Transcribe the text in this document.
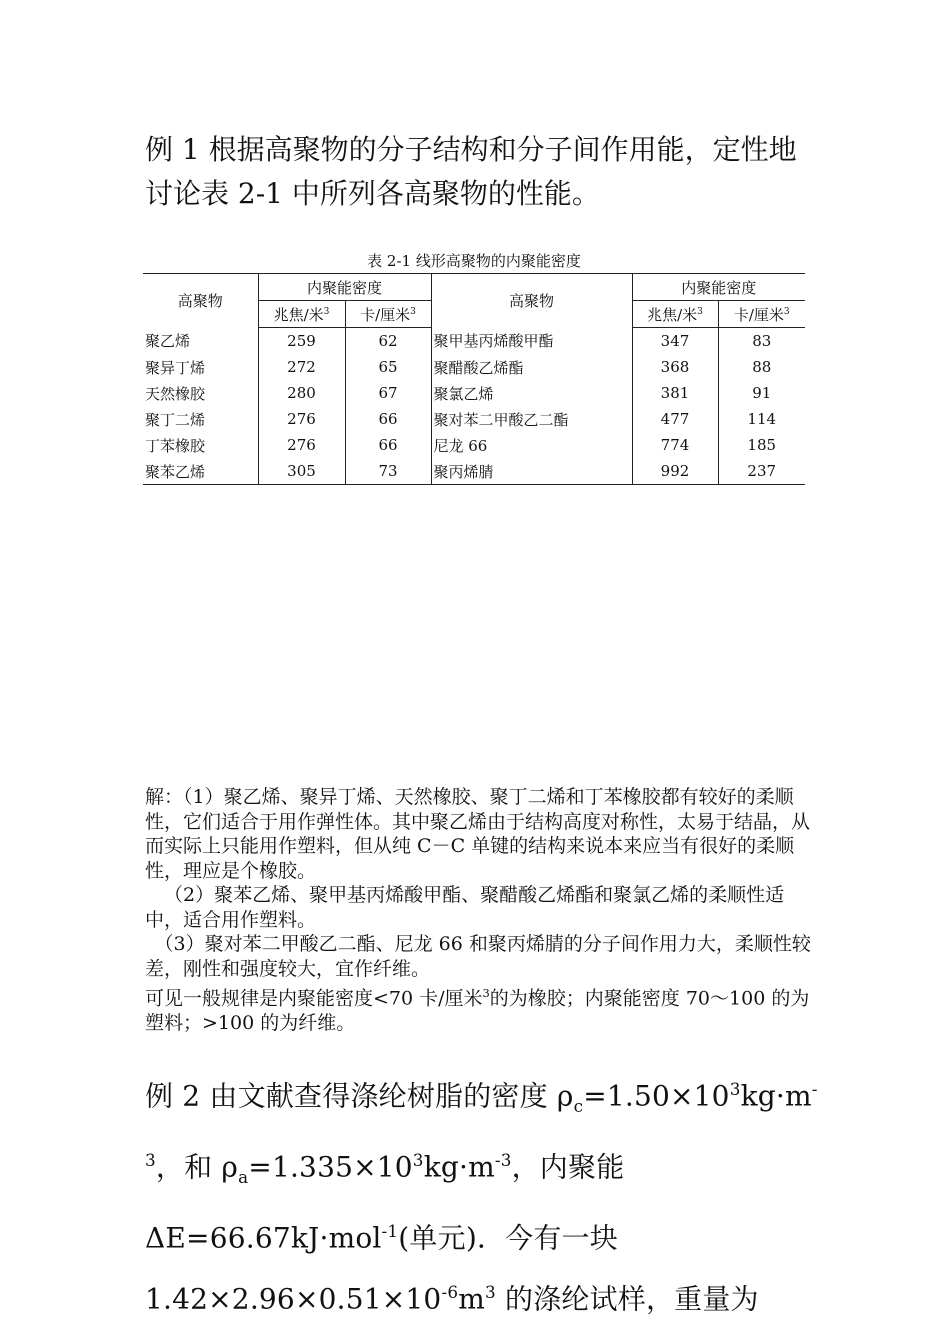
例 1 根据高聚物的分子结构和分子间作用能，定性地讨论表 2-1 中所列各高聚物的性能。
表 2-1 线形高聚物的内聚能密度
高聚物	内聚能密度		高聚物	内聚能密度	
	兆焦/米$^3$	卡/厘米$^3$		兆焦/米$^3$	卡/厘米$^3$
聚乙烯	259	62	聚甲基丙烯酸甲酯	347	83
聚异丁烯	272	65	聚醋酸乙烯酯	368	88
天然橡胶	280	67	聚氯乙烯	381	91
聚丁二烯	276	66	聚对苯二甲酸乙二酯	477	114
丁苯橡胶	276	66	尼龙 66	774	185
聚苯乙烯	305	73	聚丙烯腈	992	237

解：（1）聚乙烯、聚异丁烯、天然橡胶、聚丁二烯和丁苯橡胶都有较好的柔顺性，它们适合于用作弹性体。其中聚乙烯由于结构高度对称性，太易于结晶，从而实际上只能用作塑料，但从纯 C－C 单键的结构来说本来应当有很好的柔顺性，理应是个橡胶。

（2）聚苯乙烯、聚甲基丙烯酸甲酯、聚醋酸乙烯酯和聚氯乙烯的柔顺性适中，适合用作塑料。

（3）聚对苯二甲酸乙二酯、尼龙 66 和聚丙烯腈的分子间作用力大，柔顺性较差，刚性和强度较大，宜作纤维。

可见一般规律是内聚能密度<70 卡/厘米$^3$的为橡胶；内聚能密度 70～100 的为塑料；>100 的为纤维。

例 2 由文献查得涤纶树脂的密度 $\rho_c=1.50\times 10^3kg\cdot m^{-3}$，和 $\rho_a=1.335\times 10^3kg\cdot m^{-3}$，内聚能 ΔE=66.67kJ·mol$^{-1}$(单元)．今有一块 $1.42\times 2.96\times 0.51\times 10^{-6}m^3$ 的涤纶试样，重量为
